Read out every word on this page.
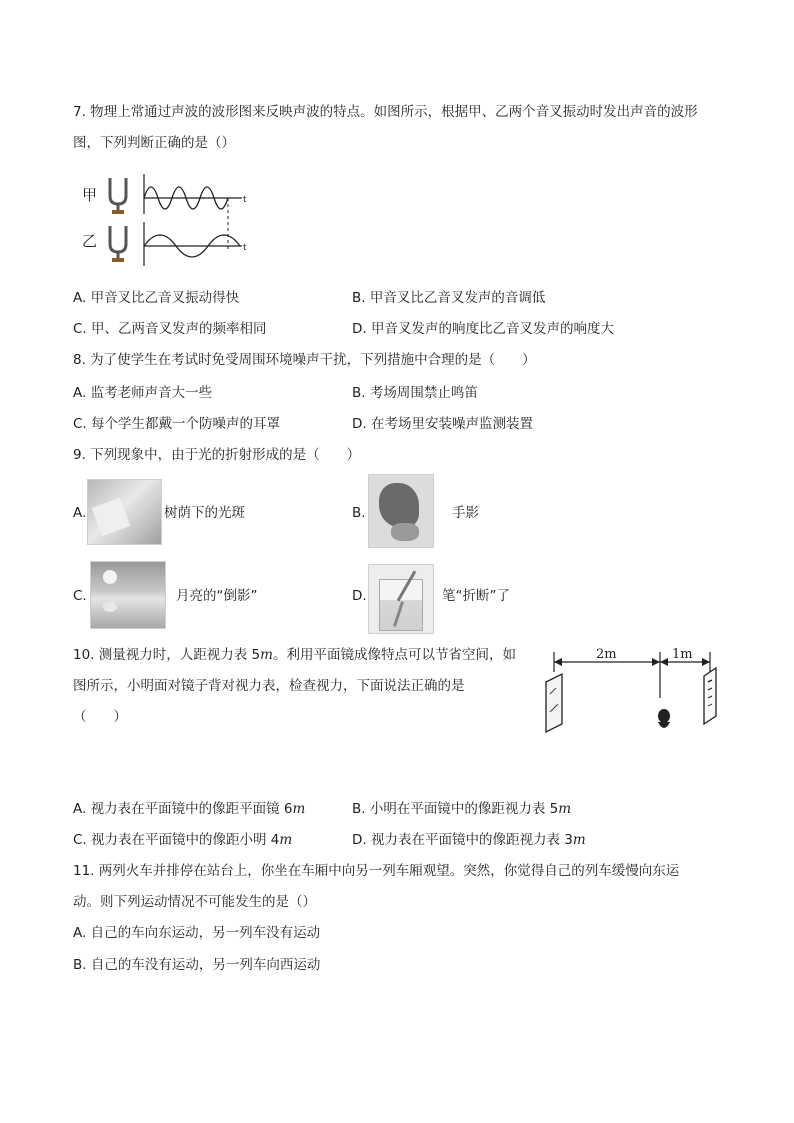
7. 物理上常通过声波的波形图来反映声波的特点。如图所示，根据甲、乙两个音叉振动时发出声音的波形
图，下列判断正确的是（）
甲
乙
t
t
A. 甲音叉比乙音叉振动得快	B. 甲音叉比乙音叉发声的音调低
C. 甲、乙两音叉发声的频率相同	D. 甲音叉发声的响度比乙音叉发声的响度大
8. 为了使学生在考试时免受周围环境噪声干扰，下列措施中合理的是（　　）
A. 监考老师声音大一些	B. 考场周围禁止鸣笛
C. 每个学生都戴一个防噪声的耳罩	D. 在考场里安装噪声监测装置
9. 下列现象中，由于光的折射形成的是（　　）
A.	树荫下的光斑	B.	手影
C.	月亮的“倒影”	D.	笔“折断”了
10. 测量视力时，人距视力表 5m。利用平面镜成像特点可以节省空间，如
图所示，小明面对镜子背对视力表，检查视力，下面说法正确的是
（　　）
2m	1m
A. 视力表在平面镜中的像距平面镜 6m	B. 小明在平面镜中的像距视力表 5m
C. 视力表在平面镜中的像距小明 4m	D. 视力表在平面镜中的像距视力表 3m
11. 两列火车并排停在站台上，你坐在车厢中向另一列车厢观望。突然，你觉得自己的列车缓慢向东运
动。则下列运动情况不可能发生的是（）
A. 自己的车向东运动，另一列车没有运动
B. 自己的车没有运动，另一列车向西运动
